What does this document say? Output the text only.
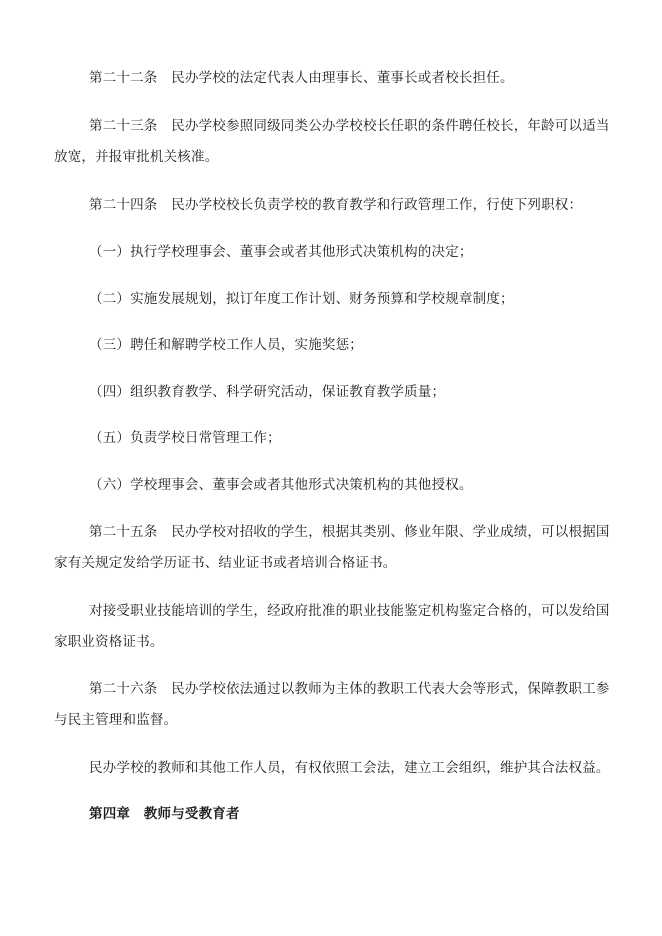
第二十二条　民办学校的法定代表人由理事长、董事长或者校长担任。
第二十三条　民办学校参照同级同类公办学校校长任职的条件聘任校长，年龄可以适当
放宽，并报审批机关核准。
第二十四条　民办学校校长负责学校的教育教学和行政管理工作，行使下列职权：
（一）执行学校理事会、董事会或者其他形式决策机构的决定；
（二）实施发展规划，拟订年度工作计划、财务预算和学校规章制度；
（三）聘任和解聘学校工作人员，实施奖惩；
（四）组织教育教学、科学研究活动，保证教育教学质量；
（五）负责学校日常管理工作；
（六）学校理事会、董事会或者其他形式决策机构的其他授权。
第二十五条　民办学校对招收的学生，根据其类别、修业年限、学业成绩，可以根据国
家有关规定发给学历证书、结业证书或者培训合格证书。
对接受职业技能培训的学生，经政府批准的职业技能鉴定机构鉴定合格的，可以发给国
家职业资格证书。
第二十六条　民办学校依法通过以教师为主体的教职工代表大会等形式，保障教职工参
与民主管理和监督。
民办学校的教师和其他工作人员，有权依照工会法，建立工会组织，维护其合法权益。
第四章　教师与受教育者
